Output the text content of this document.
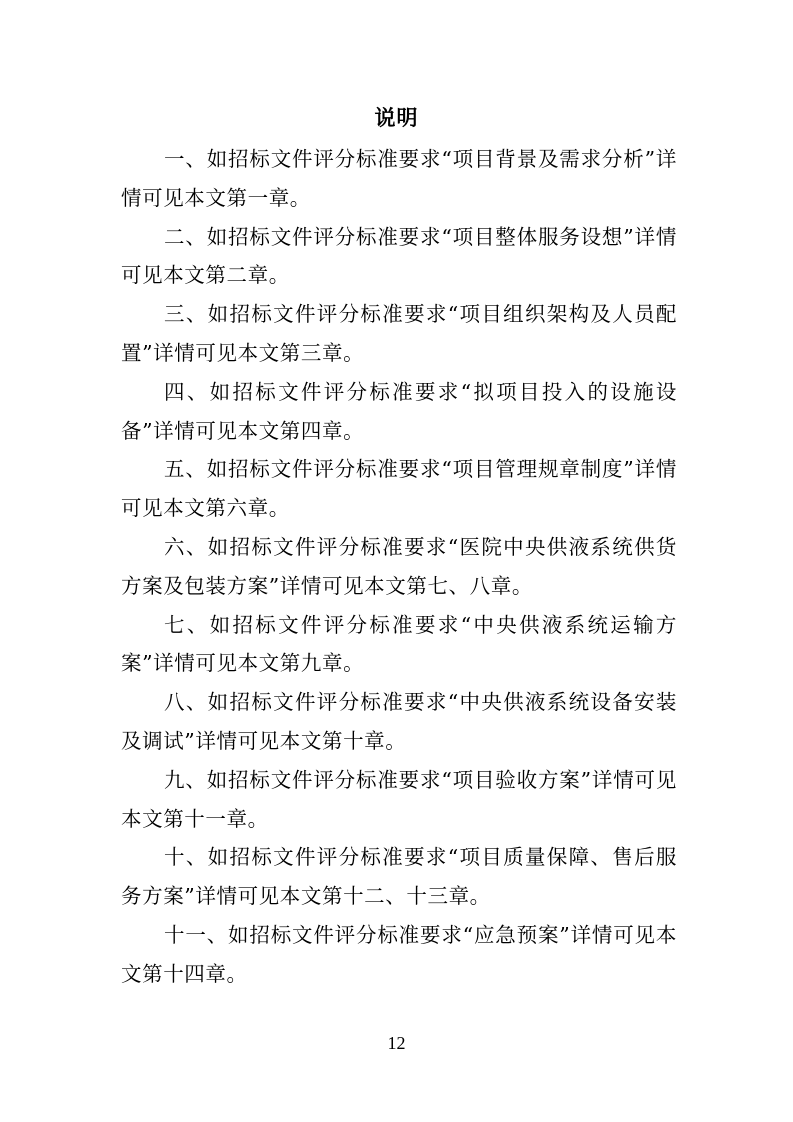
说明

一、如招标文件评分标准要求“项目背景及需求分析”详情可见本文第一章。

二、如招标文件评分标准要求“项目整体服务设想”详情可见本文第二章。

三、如招标文件评分标准要求“项目组织架构及人员配置”详情可见本文第三章。

四、如招标文件评分标准要求“拟项目投入的设施设备”详情可见本文第四章。

五、如招标文件评分标准要求“项目管理规章制度”详情可见本文第六章。

六、如招标文件评分标准要求“医院中央供液系统供货方案及包装方案”详情可见本文第七、八章。

七、如招标文件评分标准要求“中央供液系统运输方案”详情可见本文第九章。

八、如招标文件评分标准要求“中央供液系统设备安装及调试”详情可见本文第十章。

九、如招标文件评分标准要求“项目验收方案”详情可见本文第十一章。

十、如招标文件评分标准要求“项目质量保障、售后服务方案”详情可见本文第十二、十三章。

十一、如招标文件评分标准要求“应急预案”详情可见本文第十四章。

12
